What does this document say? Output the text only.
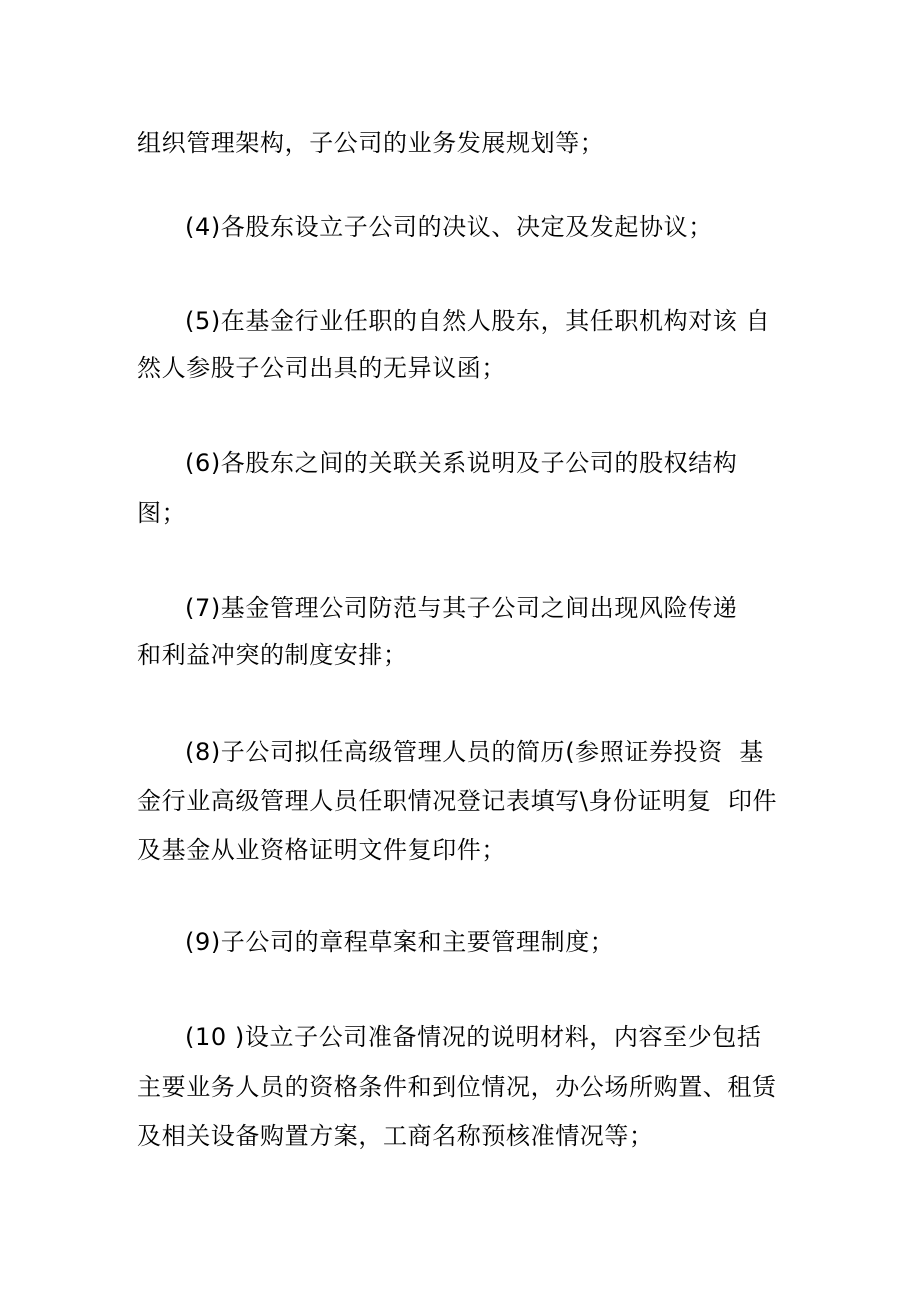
组织管理架构，子公司的业务发展规划等；
(4)各股东设立子公司的决议、决定及发起协议；
(5)在基金行业任职的自然人股东，其任职机构对该 自
然人参股子公司出具的无异议函；
(6)各股东之间的关联关系说明及子公司的股权结构
图；
(7)基金管理公司防范与其子公司之间出现风险传递
和利益冲突的制度安排；
(8)子公司拟任高级管理人员的简历(参照证券投资  基
金行业高级管理人员任职情况登记表填写\身份证明复  印件
及基金从业资格证明文件复印件；
(9)子公司的章程草案和主要管理制度；
(10 )设立子公司准备情况的说明材料，内容至少包括
主要业务人员的资格条件和到位情况，办公场所购置、租赁
及相关设备购置方案，工商名称预核准情况等；
